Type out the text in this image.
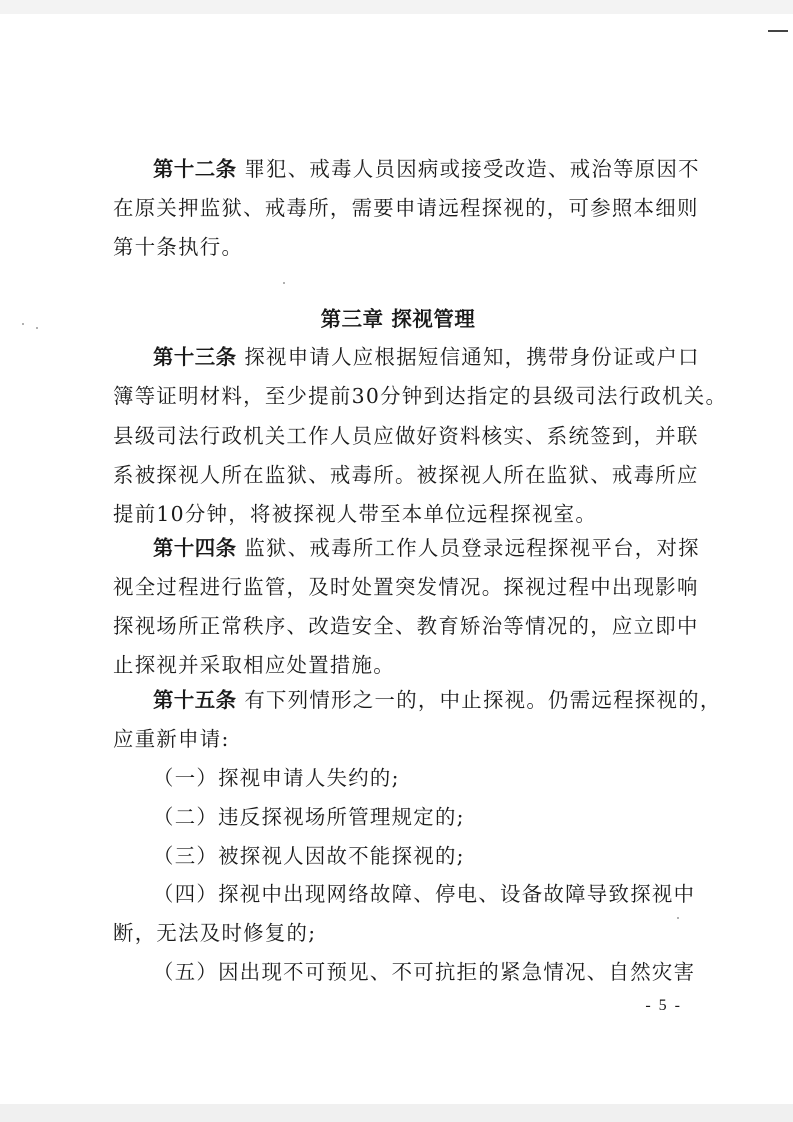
第十二条 罪犯、戒毒人员因病或接受改造、戒治等原因不
在原关押监狱、戒毒所，需要申请远程探视的，可参照本细则
第十条执行。
第三章 探视管理
第十三条 探视申请人应根据短信通知，携带身份证或户口
簿等证明材料，至少提前30分钟到达指定的县级司法行政机关。
县级司法行政机关工作人员应做好资料核实、系统签到，并联
系被探视人所在监狱、戒毒所。被探视人所在监狱、戒毒所应
提前10分钟，将被探视人带至本单位远程探视室。
第十四条 监狱、戒毒所工作人员登录远程探视平台，对探
视全过程进行监管，及时处置突发情况。探视过程中出现影响
探视场所正常秩序、改造安全、教育矫治等情况的，应立即中
止探视并采取相应处置措施。
第十五条 有下列情形之一的，中止探视。仍需远程探视的，
应重新申请:
（一）探视申请人失约的;
（二）违反探视场所管理规定的;
（三）被探视人因故不能探视的;
（四）探视中出现网络故障、停电、设备故障导致探视中
断，无法及时修复的;
（五）因出现不可预见、不可抗拒的紧急情况、自然灾害
- 5 -
